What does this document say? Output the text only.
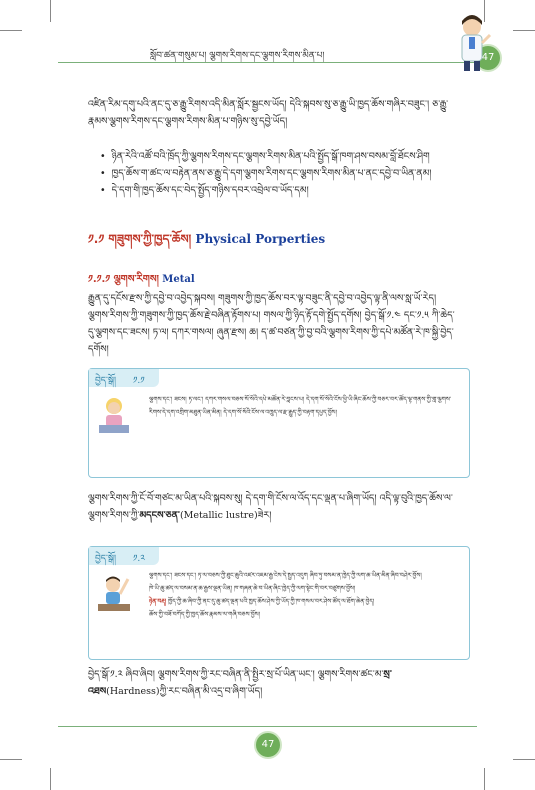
སློབ་ཚན་གསུམ་པ། ལྕགས་རིགས་དང་ལྕགས་རིགས་མིན་པ།	47
འཛིན་རིམ་དགུ་པའི་ནང་དུ་ཅ་རྒྱུ་རིགས་འདི་མིན་སློར་སྦྱངས་ཡོད། དེའི་སྐབས་སུ་ཅ་རྒྱུ་ཡི་ཁྱད་ཆོས་གཞིར་བཟུང་། ཅ་རྒྱུ་རྣམས་ལྕགས་རིགས་དང་ལྕགས་རིགས་མིན་པ་གཉིས་སུ་དབྱེ་ཡོད།
• ཉིན་རེའི་འཚོ་བའི་ཁྲོད་ཀྱི་ལྕགས་རིགས་དང་ལྕགས་རིགས་མིན་པའི་སྤྱོད་སྒོ་ཁག་ཤས་བསམ་བློ་ཐོངས་ཤིག
• ཁྱད་ཆོས་ག་ཚང་ལ་བརྟེན་ནས་ཅ་རྒྱུ་དེ་དག་ལྕགས་རིགས་དང་ལྕགས་རིགས་མིན་པ་ནང་དབྱེ་བ་ཡིན་ནམ།
• དེ་དག་གི་ཁྱད་ཆོས་དང་བེད་སྤྱོད་གཉིས་དབར་འབྲེལ་བ་ཡོད་དམ།
༡.༡ གཟུགས་ཀྱི་ཁྱད་ཆོས། Physical Porperties
༡.༡.༡ ལྕགས་རིགས། Metal
རྒྱུན་དུ་དངོས་རྫས་ཀྱི་དབྱེ་བ་འབྱེད་སྐབས། གཟུགས་ཀྱི་ཁྱད་ཆོས་བར་ལྟ་བཟུང་ནི་དབྱེ་བ་འབྱེད་ལྟ་ནི་ལས་སླ་ཡོ་རེད། ལྕགས་རིགས་ཀྱི་གཟུགས་ཀྱི་ཁྱད་ཆོས་རྗེ་བཞིན་རྟོགས་པ། གསལ་ཀྱི་ཉིད་རྟོ་དགེ་སྤྱོད་དགོས། བྱེད་སྒོ་༡.༤ དང་༡.༥ ཀི་ཆེད་དུ་ལྕགས་དང་ཟངས། ཏ་ལ། དཀར་གསལ། ཞུན་རྫས། ཆ། ད་ཚ་བཙན་ཀྱི་བྱ་བའི་ལྕགས་རིགས་ཀྱི་དཔེ་མཚོན་རེ་ཁ་སྐྱི་བྱེད་དགོས།
བྱེད་སྒོ། ༡.༡
ལྕགས་དང་། ཟངས། ཏ་ལང་། དཀར་གསལ་བཅས་སོ་སོའི་དཔེ་མཚོན་རེ་བླངས་པ། དེ་དག་སོ་སོའི་ངོས་ཕྱི་ཡི་ཞིང་ཆོས་ཀྱི་བཅར་བར་ཚོད་ལྟ་གནས་ཀྱི་གླ་ལྕགས་རིགས་དེ་དག་འགྲིག་མཐུན་ཡིན་མིན། དེ་དག་སོ་སོའི་ངོས་ལ་འཁྲུད་ལ་རྫ་རྒྱུད་ཀྱི་བརྟག་དཔྱད་བྱོས།
ལྕགས་རིགས་ཀྱི་ངོ་བོ་གཙང་མ་ཡིན་པའི་སྐབས་སུ། དེ་དག་གི་ངོས་ལ་འོད་དང་ལྡན་པ་ཞིག་ཡོད། འདི་ལྟ་བུའི་ཁྱད་ཆོས་ལ་ལྕགས་རིགས་ཀྱི་མདངས་ཅན་(Metallic lustre)ཟེར།
བྱེད་སྒོ། ༡.༢
ལྕགས་དང་། ཟངས་དང་། ཏ་ལ་བཅས་ཀྱི་ཐུང་ཆུའི་འཛར་འཇམ་རྒྱ་ངེས་དེ་སྤྱད་འདུག ཞིབ་ཏུ་བསམ་ན་ཁྱེད་ཀྱི་ལག་ཆ་ཡིན་མིན་ཞིབ་བཤེར་བྱོས།
ཁེ་ཡི་ཆུ་ཚད་ལ་བསམ་ན་ཆ་རྒྱས་ལྡན་ཡིན། ཁ་གཞན་ཆེ་བ་ཡིན་ཞིང་ཁྱེད་ཀྱི་ལག་སྟེང་གི་བར་བཙུགས་བྱོས།
ཉེན་བརྡ། ཁྱོད་ཀྱི་ཆ་ཞིབ་ཀྱི་ནང་དུ་ཆུ་ཚད་ལྡན་པའི་ཁྱད་ཆོས་ཤེས་ཀྱི་ཡོད་ཀྱི་ཁ་གསལ་བར་ཤེས་ཚོད་ལ་ཐོག་ཆེན་བྱེད།
ཆོས་ཀྱི་བཟོ་བཀོད་ཀྱི་ཁྱད་ཆོས་རྣམས་ལ་གཞི་བཅས་བྱོས།
བྱེད་སྒོ་༡.༢ ཞིབ་ཞིབ། ལྕགས་རིགས་ཀྱི་རང་བཞིན་ནི་སྤྱིར་སྲ་པོ་ཡིན་ཡང་། ལྕགས་རིགས་ཚང་མ་སྲ་འཐས(Hardness)ཀྱི་རང་བཞིན་མི་འདྲ་བ་ཞིག་ཡོད།
47
